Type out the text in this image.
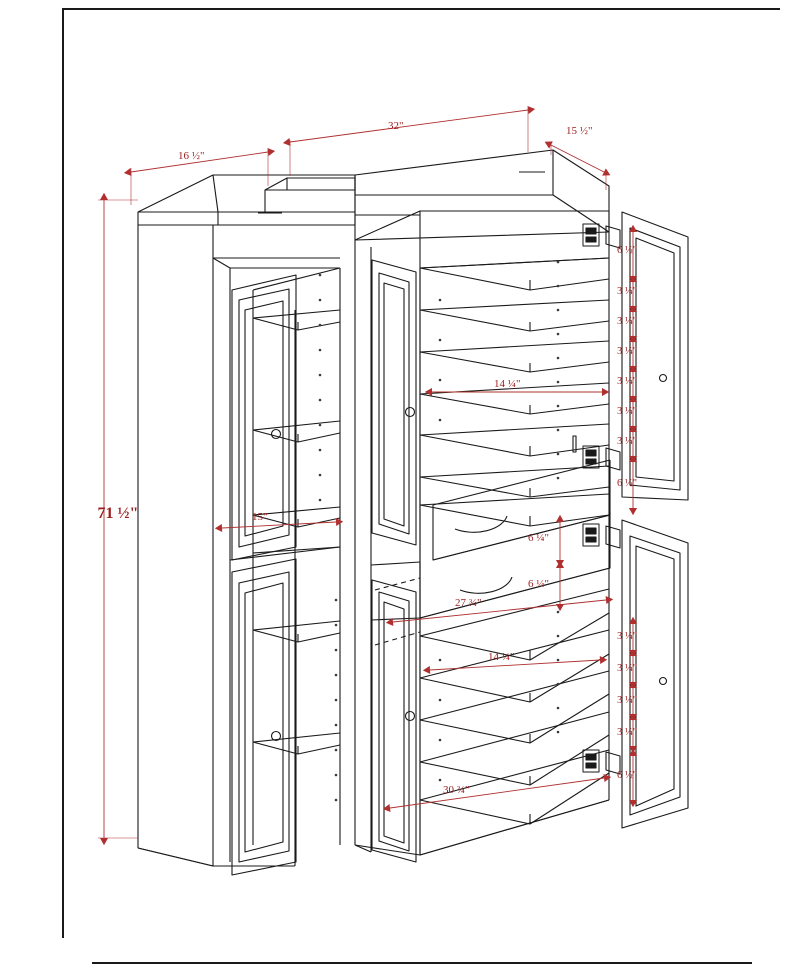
71 ½"
16 ½"
32"	15 ½"
14 ¼"
15"
27 ¾"
14 ¼"
30 ¾"
6 ½"
3 ¼"
3 ¼"
3 ¼"
3 ¼"
3 ¼"
3 ¼"
6 ½"
6 ¼"
6 ¼"
3 ¼"
3 ¼"
3 ¼"
3 ¼"
6 ½"
